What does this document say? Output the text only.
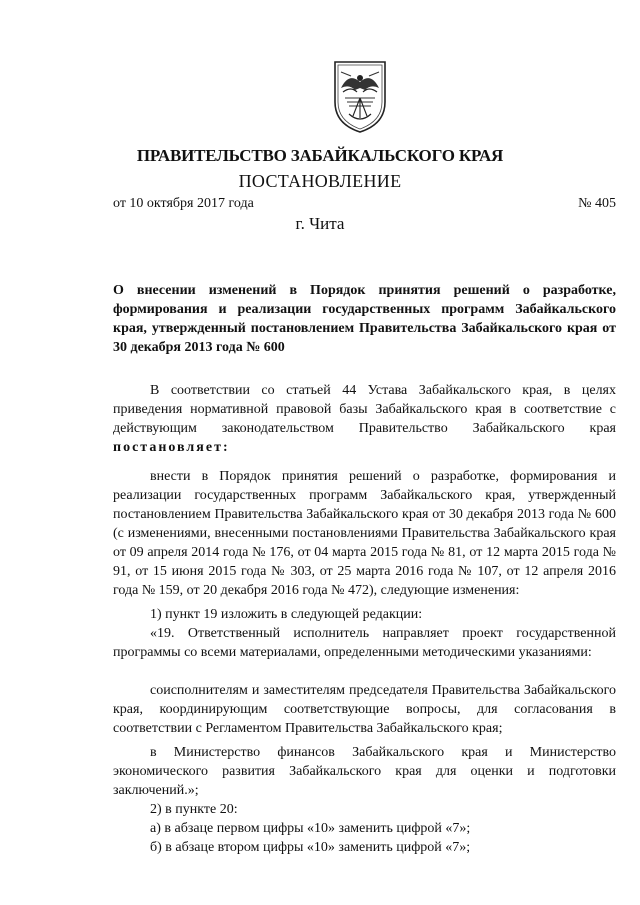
ПРАВИТЕЛЬСТВО ЗАБАЙКАЛЬСКОГО КРАЯ
ПОСТАНОВЛЕНИЕ
от 10 октября 2017 года	№ 405
г. Чита
О внесении изменений в Порядок принятия решений о разработке, формирования и реализации государственных программ Забайкальского края, утвержденный постановлением Правительства Забайкальского края от 30 декабря 2013 года № 600
В соответствии со статьей 44 Устава Забайкальского края, в целях приведения нормативной правовой базы Забайкальского края в соответствие с действующим законодательством Правительство Забайкальского края постановляет:
внести в Порядок принятия решений о разработке, формирования и реализации государственных программ Забайкальского края, утвержденный постановлением Правительства Забайкальского края от 30 декабря 2013 года № 600 (с изменениями, внесенными постановлениями Правительства Забайкальского края от 09 апреля 2014 года № 176, от 04 марта 2015 года № 81, от 12 марта 2015 года № 91, от 15 июня 2015 года № 303, от 25 марта 2016 года № 107, от 12 апреля 2016 года № 159, от 20 декабря 2016 года № 472), следующие изменения:
1) пункт 19 изложить в следующей редакции:
«19. Ответственный исполнитель направляет проект государственной программы со всеми материалами, определенными методическими указаниями:
соисполнителям и заместителям председателя Правительства Забайкальского края, координирующим соответствующие вопросы, для согласования в соответствии с Регламентом Правительства Забайкальского края;
в Министерство финансов Забайкальского края и Министерство экономического развития Забайкальского края для оценки и подготовки заключений.»;
2) в пункте 20:
а) в абзаце первом цифры «10» заменить цифрой «7»;
б) в абзаце втором цифры «10» заменить цифрой «7»;
